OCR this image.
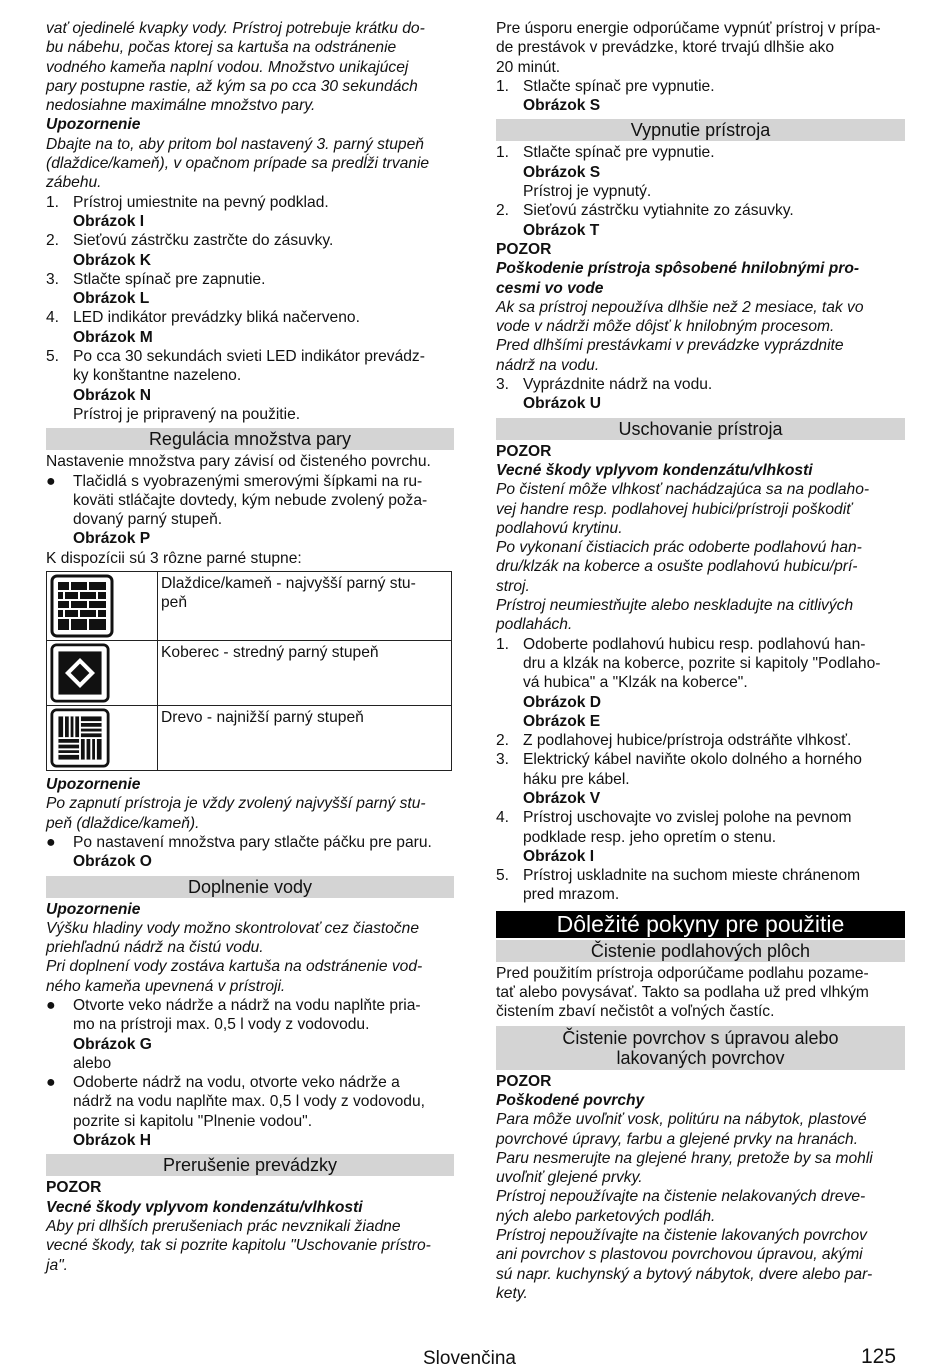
vať ojedinelé kvapky vody. Prístroj potrebuje krátku do-

bu nábehu, počas ktorej sa kartuša na odstránenie

vodného kameňa naplní vodou. Množstvo unikajúcej

pary postupne rastie, až kým sa po cca 30 sekundách

nedosiahne maximálne množstvo pary.

Upozornenie

Dbajte na to, aby pritom bol nastavený 3. parný stupeň

(dlaždice/kameň), v opačnom prípade sa predĺži trvanie

zábehu.

1. Prístroj umiestnite na pevný podklad.

Obrázok I

2. Sieťovú zástrčku zastrčte do zásuvky.

Obrázok K

3. Stlačte spínač pre zapnutie.

Obrázok L

4. LED indikátor prevádzky bliká načerveno.

Obrázok M

5. Po cca 30 sekundách svieti LED indikátor prevádz-
ky konštantne nazeleno.

Obrázok N

Prístroj je pripravený na použitie.

Regulácia množstva pary

Nastavenie množstva pary závisí od čisteného povrchu.

●	Tlačidlá s vyobrazenými smerovými šípkami na ru-
koväti stláčajte dovtedy, kým nebude zvolený poža-
dovaný parný stupeň.

Obrázok P

K dispozícii sú 3 rôzne parné stupne:

	Dlaždice/kameň - najvyšší parný stu-
peň

	Koberec - stredný parný stupeň

	Drevo - najnižší parný stupeň

Upozornenie

Po zapnutí prístroja je vždy zvolený najvyšší parný stu-

peň (dlaždice/kameň).

●	Po nastavení množstva pary stlačte páčku pre paru.

Obrázok O

Doplnenie vody

Upozornenie

Výšku hladiny vody možno skontrolovať cez čiastočne

priehľadnú nádrž na čistú vodu.

Pri doplnení vody zostáva kartuša na odstránenie vod-

ného kameňa upevnená v prístroji.

●	Otvorte veko nádrže a nádrž na vodu naplňte pria-
mo na prístroji max. 0,5 l vody z vodovodu.

Obrázok G

alebo

●	Odoberte nádrž na vodu, otvorte veko nádrže a
nádrž na vodu naplňte max. 0,5 l vody z vodovodu,
pozrite si kapitolu "Plnenie vodou".

Obrázok H

Prerušenie prevádzky

POZOR

Vecné škody vplyvom kondenzátu/vlhkosti

Aby pri dlhších prerušeniach prác nevznikali žiadne

vecné škody, tak si pozrite kapitolu "Uschovanie prístro-

ja".

Pre úsporu energie odporúčame vypnúť prístroj v prípa-

de prestávok v prevádzke, ktoré trvajú dlhšie ako

20 minút.

1. Stlačte spínač pre vypnutie.

Obrázok S

Vypnutie prístroja
1. Stlačte spínač pre vypnutie.

Obrázok S

Prístroj je vypnutý.

2. Sieťovú zástrčku vytiahnite zo zásuvky.

Obrázok T

POZOR

Poškodenie prístroja spôsobené hnilobnými pro-

cesmi vo vode

Ak sa prístroj nepoužíva dlhšie než 2 mesiace, tak vo

vode v nádrži môže dôjsť k hnilobným procesom.

Pred dlhšími prestávkami v prevádzke vyprázdnite

nádrž na vodu.

3. Vyprázdnite nádrž na vodu.

Obrázok U

Uschovanie prístroja

POZOR

Vecné škody vplyvom kondenzátu/vlhkosti

Po čistení môže vlhkosť nachádzajúca sa na podlaho-

vej handre resp. podlahovej hubici/prístroji poškodiť

podlahovú krytinu.

Po vykonaní čistiacich prác odoberte podlahovú han-

dru/klzák na koberce a osušte podlahovú hubicu/prí-

stroj.

Prístroj neumiestňujte alebo neskladujte na citlivých

podlahách.

1. Odoberte podlahovú hubicu resp. podlahovú han-
dru a klzák na koberce, pozrite si kapitoly "Podlaho-
vá hubica" a "Klzák na koberce".

Obrázok D

Obrázok E

2. Z podlahovej hubice/prístroja odstráňte vlhkosť.
3. Elektrický kábel naviňte okolo dolného a horného
háku pre kábel.

Obrázok V

4. Prístroj uschovajte vo zvislej polohe na pevnom
podklade resp. jeho opretím o stenu.

Obrázok I

5. Prístroj uskladnite na suchom mieste chránenom
pred mrazom.
Dôležité pokyny pre použitie
Čistenie podlahových plôch

Pred použitím prístroja odporúčame podlahu pozame-

tať alebo povysávať. Takto sa podlaha už pred vlhkým

čistením zbaví nečistôt a voľných častíc.

Čistenie povrchov s úpravou alebo
lakovaných povrchov

POZOR

Poškodené povrchy

Para môže uvoľniť vosk, politúru na nábytok, plastové

povrchové úpravy, farbu a glejené prvky na hranách.

Paru nesmerujte na glejené hrany, pretože by sa mohli

uvoľniť glejené prvky.

Prístroj nepoužívajte na čistenie nelakovaných dreve-

ných alebo parketových podláh.

Prístroj nepoužívajte na čistenie lakovaných povrchov

ani povrchov s plastovou povrchovou úpravou, akými

sú napr. kuchynský a bytový nábytok, dvere alebo par-

kety.

Slovenčina	125
